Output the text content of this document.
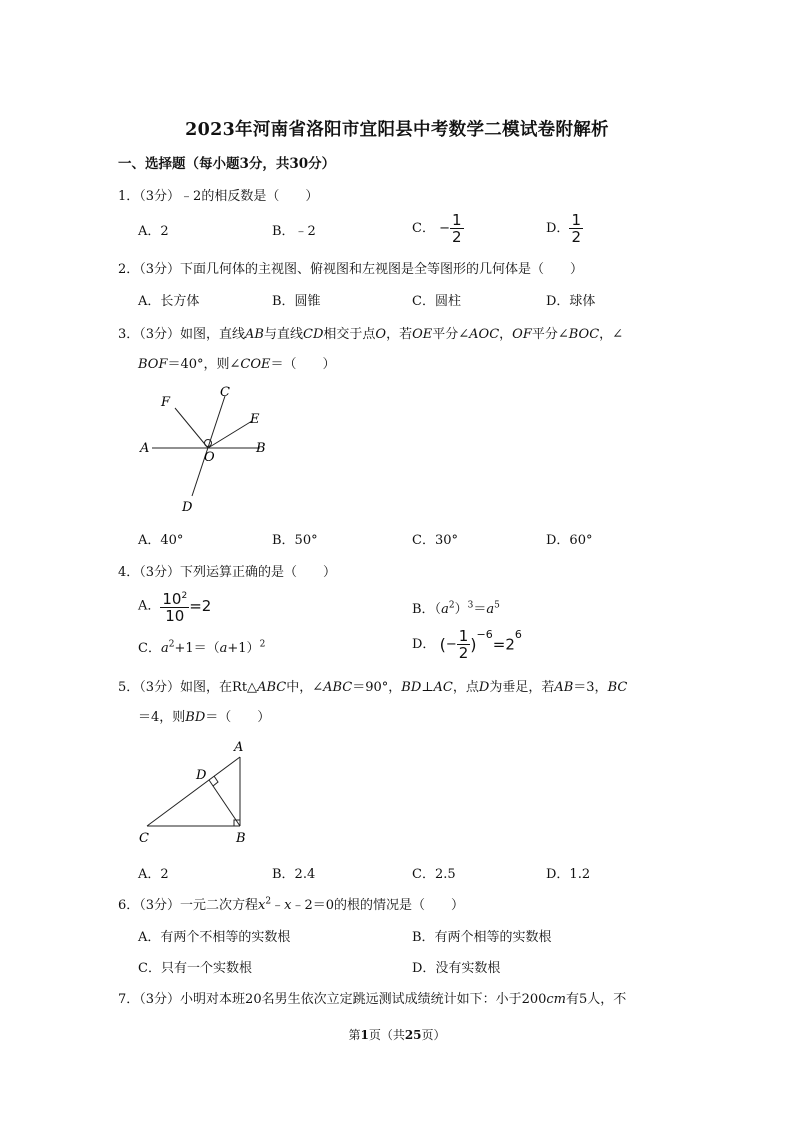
2023年河南省洛阳市宜阳县中考数学二模试卷附解析
一、选择题（每小题3分，共30分）
1．（3分）﹣2的相反数是（　　）
A．2	B．﹣2	C． − $\frac{1}{2}$	D． $\frac{1}{2}$
2．（3分）下面几何体的主视图、俯视图和左视图是全等图形的几何体是（　　）
A．长方体	B．圆锥	C．圆柱	D．球体
3．（3分）如图，直线AB与直线CD相交于点O，若OE平分∠AOC，OF平分∠BOC，∠
BOF＝40°，则∠COE＝（　　）
F
C
E
A
O
B
D
A．40°	B．50°	C．30°	D．60°
4．（3分）下列运算正确的是（　　）
A． $\frac{10^2}{10} =2$	B．$(a^2)^3=a^5$
C．$a^2+1=(a+1)^2$	D． (− $\frac{1}{2} )^{-6}=2^6$
5．（3分）如图，在Rt△ABC中，∠ABC＝90°，BD⊥AC，点D为垂足，若AB＝3，BC
＝4，则BD＝（　　）
A
D
C	B
A．2	B．2.4	C．2.5	D．1.2
6．（3分）一元二次方程$x^2﹣x﹣2=0$的根的情况是（　　）
A．有两个不相等的实数根	B．有两个相等的实数根
C．只有一个实数根	D．没有实数根
7．（3分）小明对本班20名男生依次立定跳远测试成绩统计如下：小于200cm有5人，不
第1页（共25页）
